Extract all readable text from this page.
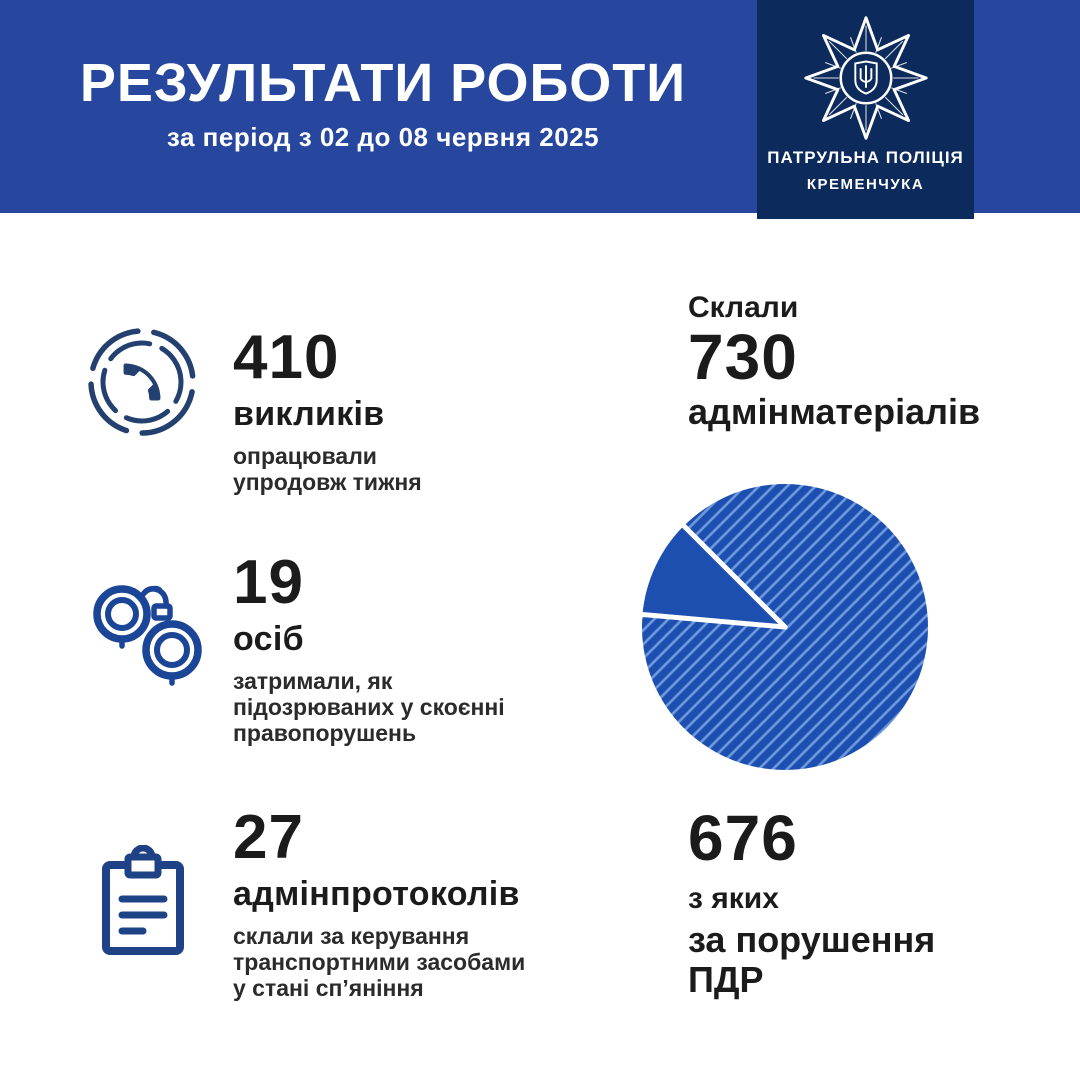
РЕЗУЛЬТАТИ РОБОТИ
за період з 02 до 08 червня 2025
ПАТРУЛЬНА ПОЛІЦІЯ
КРЕМЕНЧУКА
410
викликів
опрацювали
упродовж тижня
19
осіб
затримали, як
підозрюваних у скоєнні
правопорушень
27
адмінпротоколів
склали за керування
транспортними засобами
у стані сп’яніння
Склали
730
адмінматеріалів
676
з яких
за порушення
ПДР
